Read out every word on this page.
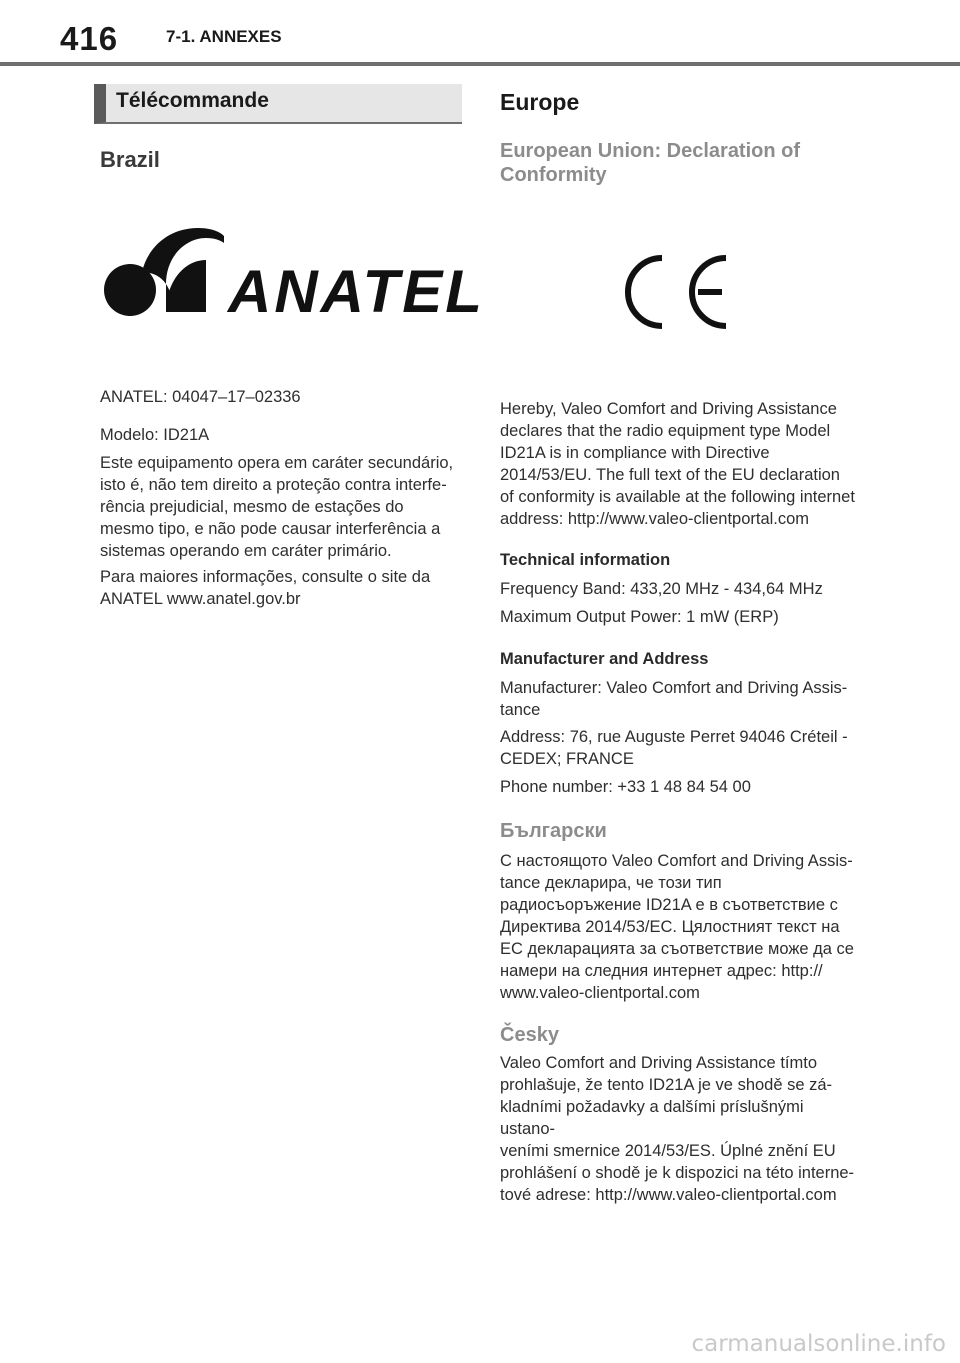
416	7-1. ANNEXES
Télécommande
Brazil
ANATEL

ANATEL: 04047–17–02336

Modelo: ID21A

Este equipamento opera em caráter secundário,
isto é, não tem direito a proteção contra interfe-
rência prejudicial, mesmo de estações do
mesmo tipo, e não pode causar interferência a
sistemas operando em caráter primário.
Para maiores informações, consulte o site da
ANATEL www.anatel.gov.br
Europe
European Union: Declaration of
Conformity
Hereby, Valeo Comfort and Driving Assistance
declares that the radio equipment type Model
ID21A is in compliance with Directive
2014/53/EU. The full text of the EU declaration
of conformity is available at the following internet
address: http://www.valeo-clientportal.com
Technical information

Frequency Band: 433,20 MHz - 434,64 MHz

Maximum Output Power: 1 mW (ERP)

Manufacturer and Address
Manufacturer: Valeo Comfort and Driving Assis-
tance
Address: 76, rue Auguste Perret 94046 Créteil -
CEDEX; FRANCE

Phone number: +33 1 48 84 54 00

Български
С настоящото Valeo Comfort and Driving Assis-
tance декларира, че този тип
радиосъоръжение ID21A е в съответствие с
Директива 2014/53/ЕС. Цялостният текст на
ЕС декларацията за съответствие може да се
намери на следния интернет адрес: http://
www.valeo-clientportal.com
Česky
Valeo Comfort and Driving Assistance tímto
prohlašuje, že tento ID21A je ve shodě se zá-
kladními požadavky a dalšími príslušnými ustano-
veními smernice 2014/53/ES. Úplné znění EU
prohlášení o shodě je k dispozici na této interne-
tové adrese: http://www.valeo-clientportal.com
carmanualsonline.info
